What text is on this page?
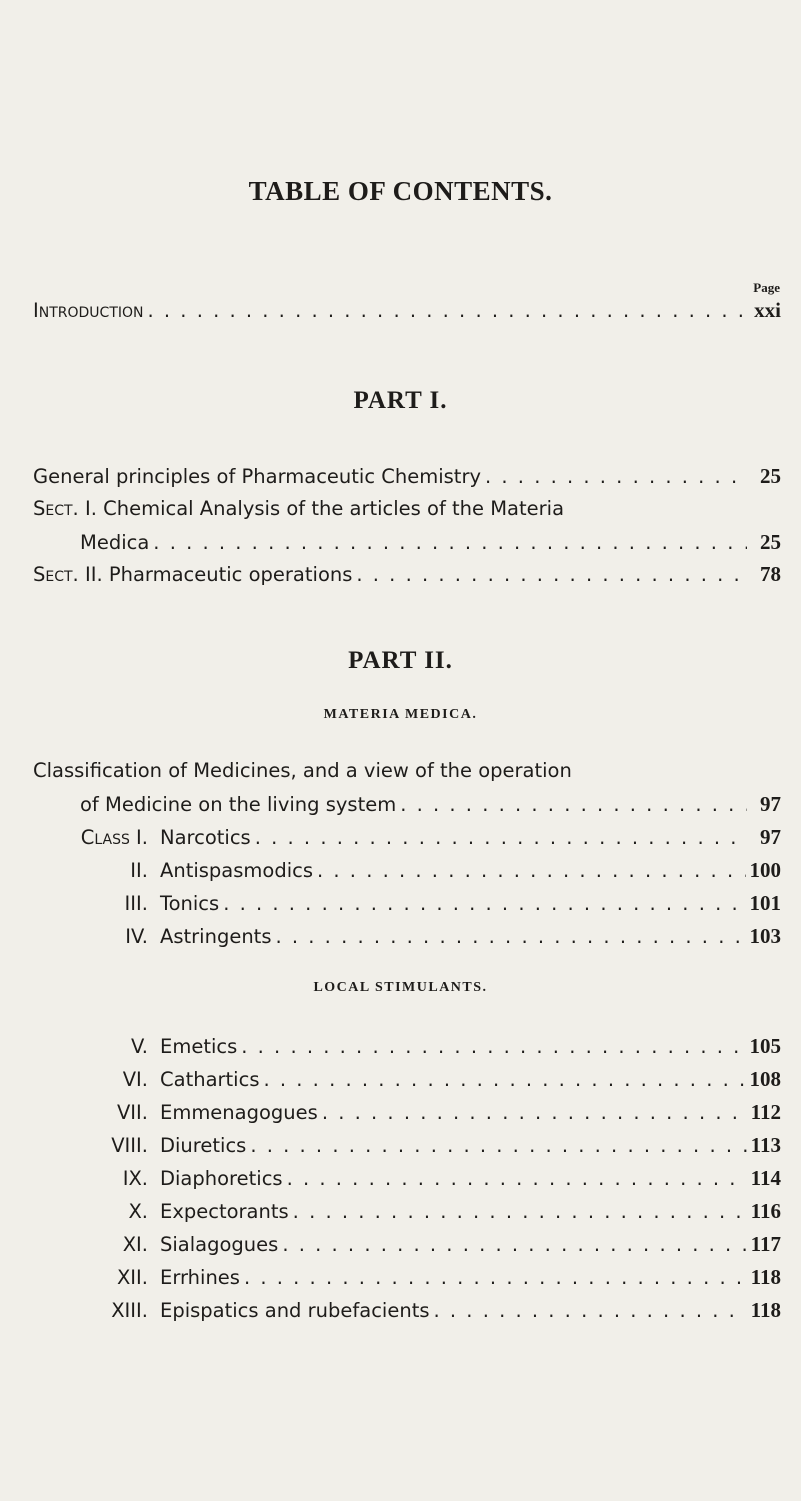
TABLE OF CONTENTS.
Page
Introduction . . .	xxi
PART I.
General principles of Pharmaceutic Chemistry . . .	25
Sect. I. Chemical Analysis of the articles of the Materia
Medica . . .	25
Sect. II. Pharmaceutic operations . . .	78
PART II.
MATERIA MEDICA.
Classification of Medicines, and a view of the operation
of Medicine on the living system . . .	97
Class I. Narcotics . . .	97
II. Antispasmodics . . .	100
III. Tonics . . .	101
IV. Astringents . . .	103
LOCAL STIMULANTS.
V. Emetics . . .	105
VI. Cathartics . . .	108
VII. Emmenagogues . . .	112
VIII. Diuretics . . .	113
IX. Diaphoretics . . .	114
X. Expectorants . . .	116
XI. Sialagogues . . .	117
XII. Errhines . . .	118
XIII. Epispatics and rubefacients . . .	118
